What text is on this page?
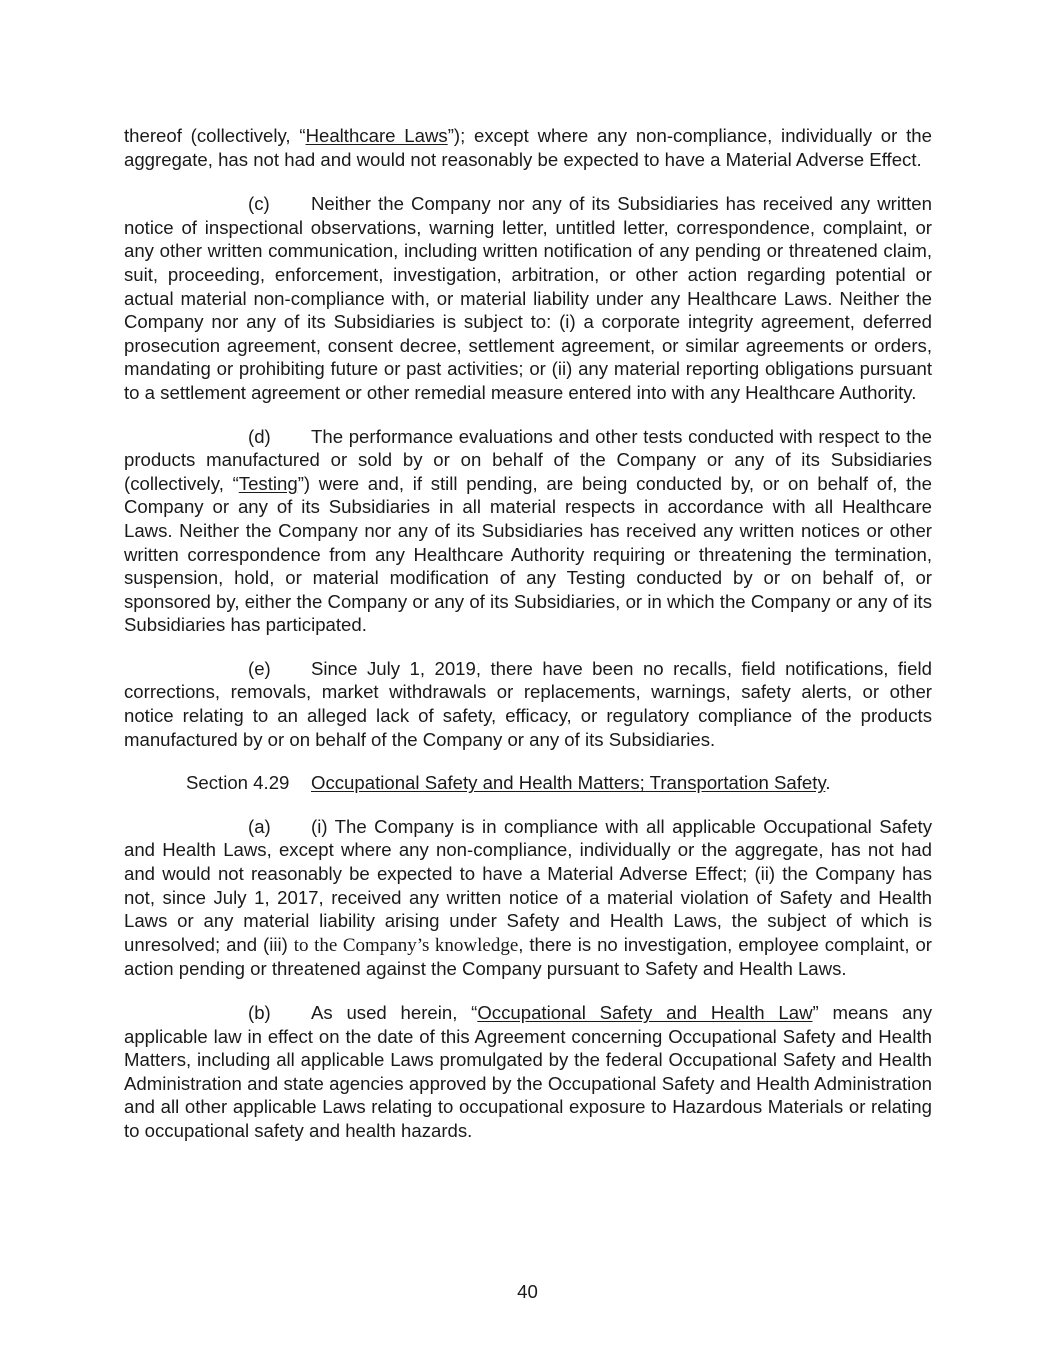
thereof (collectively, “Healthcare Laws”); except where any non-compliance, individually or the aggregate, has not had and would not reasonably be expected to have a Material Adverse Effect.

(c) Neither the Company nor any of its Subsidiaries has received any written notice of inspectional observations, warning letter, untitled letter, correspondence, complaint, or any other written communication, including written notification of any pending or threatened claim, suit, proceeding, enforcement, investigation, arbitration, or other action regarding potential or actual material non-compliance with, or material liability under any Healthcare Laws. Neither the Company nor any of its Subsidiaries is subject to: (i) a corporate integrity agreement, deferred prosecution agreement, consent decree, settlement agreement, or similar agreements or orders, mandating or prohibiting future or past activities; or (ii) any material reporting obligations pursuant to a settlement agreement or other remedial measure entered into with any Healthcare Authority.

(d) The performance evaluations and other tests conducted with respect to the products manufactured or sold by or on behalf of the Company or any of its Subsidiaries (collectively, “Testing”) were and, if still pending, are being conducted by, or on behalf of, the Company or any of its Subsidiaries in all material respects in accordance with all Healthcare Laws. Neither the Company nor any of its Subsidiaries has received any written notices or other written correspondence from any Healthcare Authority requiring or threatening the termination, suspension, hold, or material modification of any Testing conducted by or on behalf of, or sponsored by, either the Company or any of its Subsidiaries, or in which the Company or any of its Subsidiaries has participated.

(e) Since July 1, 2019, there have been no recalls, field notifications, field corrections, removals, market withdrawals or replacements, warnings, safety alerts, or other notice relating to an alleged lack of safety, efficacy, or regulatory compliance of the products manufactured by or on behalf of the Company or any of its Subsidiaries.

Section 4.29 Occupational Safety and Health Matters; Transportation Safety.

(a) (i) The Company is in compliance with all applicable Occupational Safety and Health Laws, except where any non-compliance, individually or the aggregate, has not had and would not reasonably be expected to have a Material Adverse Effect; (ii) the Company has not, since July 1, 2017, received any written notice of a material violation of Safety and Health Laws or any material liability arising under Safety and Health Laws, the subject of which is unresolved; and (iii) to the Company’s knowledge, there is no investigation, employee complaint, or action pending or threatened against the Company pursuant to Safety and Health Laws.

(b) As used herein, “Occupational Safety and Health Law” means any applicable law in effect on the date of this Agreement concerning Occupational Safety and Health Matters, including all applicable Laws promulgated by the federal Occupational Safety and Health Administration and state agencies approved by the Occupational Safety and Health Administration and all other applicable Laws relating to occupational exposure to Hazardous Materials or relating to occupational safety and health hazards.

40
